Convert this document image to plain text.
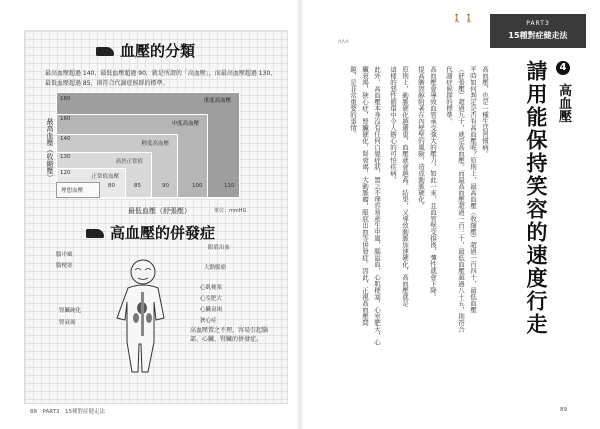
血壓的分類
最高血壓超過 140，最低血壓超過 90，就是所謂的「高血壓」，而最高血壓超過 130，最低血壓超過 85，則符合代謝症候群的標準。
最高血壓（收縮壓）
重度高血壓
中度高血壓
輕度高血壓
高於正常值
正常值血壓
理想血壓
180
160
140
130
120
80	85	90	100	110
最低血壓（舒張壓）	單位：mmHG
高血壓的併發症
腦中風
腦梗塞
眼底出血
大動脈瘤
心肌梗塞
心室肥大
心臟衰竭
狹心症
腎臟硬化
腎衰竭
高血壓置之不理，容易引起腦部、心臟、腎臟的併發症。
88　PART3　15種對症健走法
🚶🚶
ᴧᴧᴧ
PART3
15種對症健走法
4 高血壓
請用能保持笑容的速度行走
高血壓，也是一種生活習慣病。
平時如何判定是否有高血壓呢？原則上，最高血壓（收縮壓）超過一百四十，最低血壓
（舒張壓）超過九十，就是高血壓。而最高血壓超過一百三十，最低血壓超過八十五，則符合
代謝症候群的標準。
高血壓會導致血管承受強大的壓力，如此一來，且血管壁受損後，彈性就會下降。
提高膽固醇附著在內壁壁的風險，造成動脈硬化。
原則上，動脈硬化越嚴重，血壓就會越高。結果，又導致動脈加速硬化，高血壓就是
這樣的惡性循環中令人擔心的可怕疾病。
此外，高血壓本身沒有任何自覺症狀，置之不理容易產生中風，腦溢血，心肌梗塞，心室肥大，心
臟衰竭，狹心症，腎臟硬化，腎衰竭，大動脈瘤，眼底出血等併發症。因此，正視高血壓問
題，是非常重要的事情。
89
